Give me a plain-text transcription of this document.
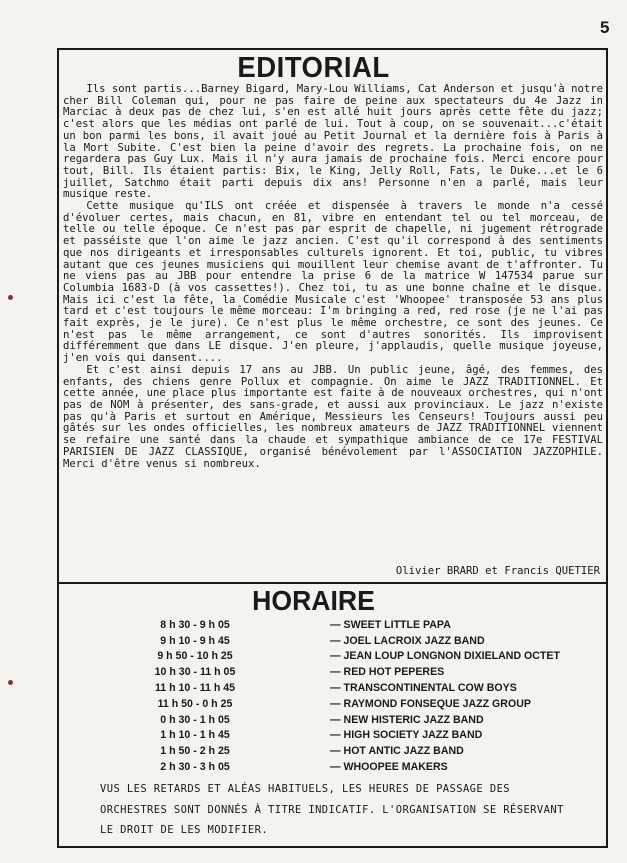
5
EDITORIAL

Ils sont partis...Barney Bigard, Mary-Lou Williams, Cat Anderson et jusqu'à notre cher Bill Coleman qui, pour ne pas faire de peine aux spectateurs du 4e Jazz in Marciac à deux pas de chez lui, s'en est allé huit jours après cette fête du jazz; c'est alors que les médias ont parlé de lui. Tout à coup, on se souvenait...c'était un bon parmi les bons, il avait joué au Petit Journal et la dernière fois à Paris à la Mort Subite. C'est bien la peine d'avoir des regrets. La prochaine fois, on ne regardera pas Guy Lux. Mais il n'y aura jamais de prochaine fois. Merci encore pour tout, Bill. Ils étaient partis: Bix, le King, Jelly Roll, Fats, le Duke...et le 6 juillet, Satchmo était parti depuis dix ans! Personne n'en a parlé, mais leur musique reste.

Cette musique qu'ILS ont créée et dispensée à travers le monde n'a cessé d'évoluer certes, mais chacun, en 81, vibre en entendant tel ou tel morceau, de telle ou telle époque. Ce n'est pas par esprit de chapelle, ni jugement rétrograde et passéiste que l'on aime le jazz ancien. C'est qu'il correspond à des sentiments que nos dirigeants et irresponsables culturels ignorent. Et toi, public, tu vibres autant que ces jeunes musiciens qui mouillent leur chemise avant de t'affronter. Tu ne viens pas au JBB pour entendre la prise 6 de la matrice W 147534 parue sur Columbia 1683-D (à vos cassettes!). Chez toi, tu as une bonne chaîne et le disque. Mais ici c'est la fête, la Comédie Musicale c'est 'Whoopee' transposée 53 ans plus tard et c'est toujours le même morceau: I'm bringing a red, red rose (je ne l'ai pas fait exprès, je le jure). Ce n'est plus le même orchestre, ce sont des jeunes. Ce n'est pas le même arrangement, ce sont d'autres sonorités. Ils improvisent différemment que dans LE disque. J'en pleure, j'applaudis, quelle musique joyeuse, j'en vois qui dansent....

Et c'est ainsi depuis 17 ans au JBB. Un public jeune, âgé, des femmes, des enfants, des chiens genre Pollux et compagnie. On aime le JAZZ TRADITIONNEL. Et cette année, une place plus importante est faite à de nouveaux orchestres, qui n'ont pas de NOM à présenter, des sans-grade, et aussi aux provinciaux. Le jazz n'existe pas qu'à Paris et surtout en Amérique, Messieurs les Censeurs! Toujours aussi peu gâtés sur les ondes officielles, les nombreux amateurs de JAZZ TRADITIONNEL viennent se refaire une santé dans la chaude et sympathique ambiance de ce 17e FESTIVAL PARISIEN DE JAZZ CLASSIQUE, organisé bénévolement par l'ASSOCIATION JAZZOPHILE. Merci d'être venus si nombreux.

Olivier BRARD et Francis QUETIER
HORAIRE
8 h 30 - 9 h 05	— SWEET LITTLE PAPA
9 h 10 - 9 h 45	— JOEL LACROIX JAZZ BAND
9 h 50 - 10 h 25	— JEAN LOUP LONGNON DIXIELAND OCTET
10 h 30 - 11 h 05	— RED HOT PEPERES
11 h 10 - 11 h 45	— TRANSCONTINENTAL COW BOYS
11 h 50 - 0 h 25	— RAYMOND FONSEQUE JAZZ GROUP
0 h 30 - 1 h 05	— NEW HISTERIC JAZZ BAND
1 h 10 - 1 h 45	— HIGH SOCIETY JAZZ BAND
1 h 50 - 2 h 25	— HOT ANTIC JAZZ BAND
2 h 30 - 3 h 05	— WHOOPEE MAKERS
VUS LES RETARDS ET ALÉAS HABITUELS, LES HEURES DE PASSAGE DES ORCHESTRES SONT DONNÉS À TITRE INDICATIF. L'ORGANISATION SE RÉSERVANT LE DROIT DE LES MODIFIER.
